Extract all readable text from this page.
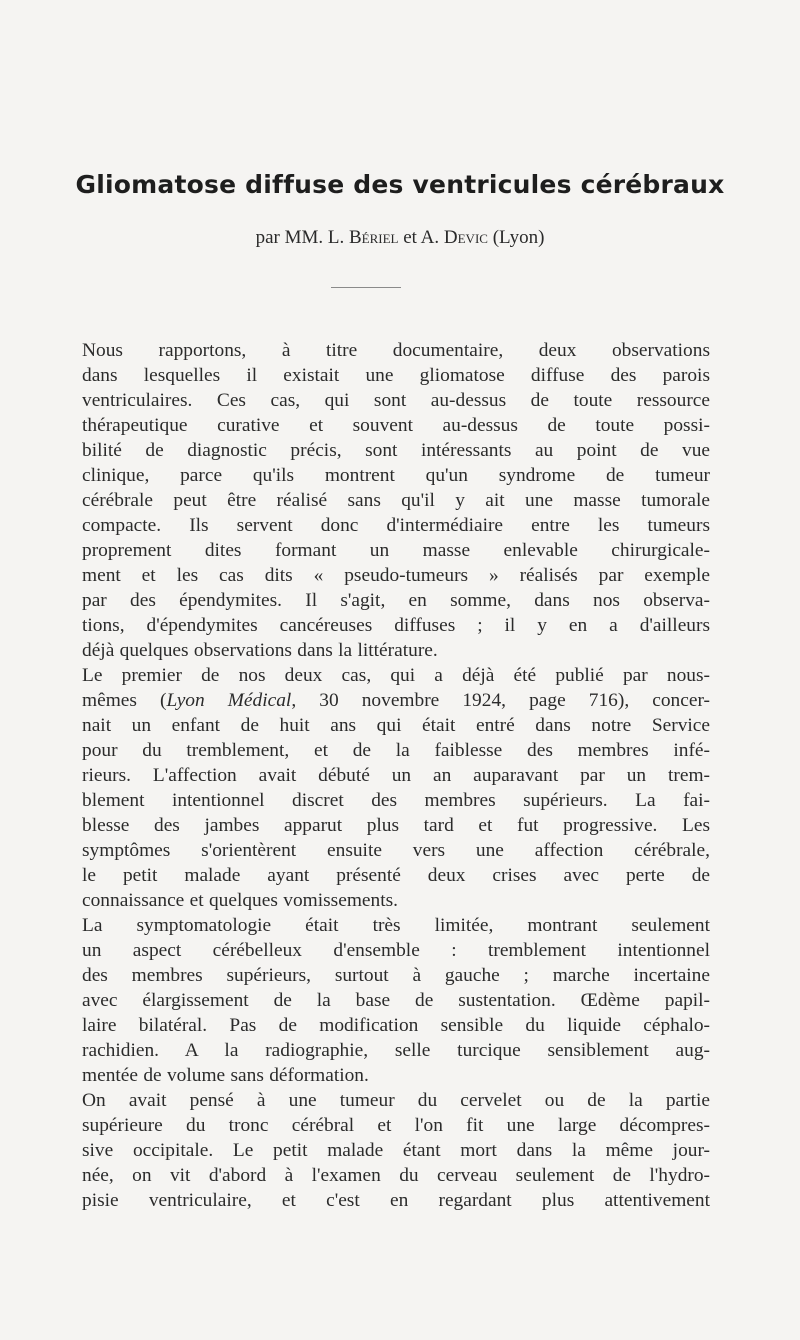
Gliomatose diffuse des ventricules cérébraux

par MM. L. Bériel et A. Devic (Lyon)

Nous rapportons, à titre documentaire, deux observations
dans lesquelles il existait une gliomatose diffuse des parois
ventriculaires. Ces cas, qui sont au-dessus de toute ressource
thérapeutique curative et souvent au-dessus de toute possi-
bilité de diagnostic précis, sont intéressants au point de vue
clinique, parce qu'ils montrent qu'un syndrome de tumeur
cérébrale peut être réalisé sans qu'il y ait une masse tumorale
compacte. Ils servent donc d'intermédiaire entre les tumeurs
proprement dites formant un masse enlevable chirurgicale-
ment et les cas dits « pseudo-tumeurs » réalisés par exemple
par des épendymites. Il s'agit, en somme, dans nos observa-
tions, d'épendymites cancéreuses diffuses ; il y en a d'ailleurs
déjà quelques observations dans la littérature.
Le premier de nos deux cas, qui a déjà été publié par nous-
mêmes (Lyon Médical, 30 novembre 1924, page 716), concer-
nait un enfant de huit ans qui était entré dans notre Service
pour du tremblement, et de la faiblesse des membres infé-
rieurs. L'affection avait débuté un an auparavant par un trem-
blement intentionnel discret des membres supérieurs. La fai-
blesse des jambes apparut plus tard et fut progressive. Les
symptômes s'orientèrent ensuite vers une affection cérébrale,
le petit malade ayant présenté deux crises avec perte de
connaissance et quelques vomissements.
La symptomatologie était très limitée, montrant seulement
un aspect cérébelleux d'ensemble : tremblement intentionnel
des membres supérieurs, surtout à gauche ; marche incertaine
avec élargissement de la base de sustentation. Œdème papil-
laire bilatéral. Pas de modification sensible du liquide céphalo-
rachidien. A la radiographie, selle turcique sensiblement aug-
mentée de volume sans déformation.
On avait pensé à une tumeur du cervelet ou de la partie
supérieure du tronc cérébral et l'on fit une large décompres-
sive occipitale. Le petit malade étant mort dans la même jour-
née, on vit d'abord à l'examen du cerveau seulement de l'hydro-
pisie ventriculaire, et c'est en regardant plus attentivement
